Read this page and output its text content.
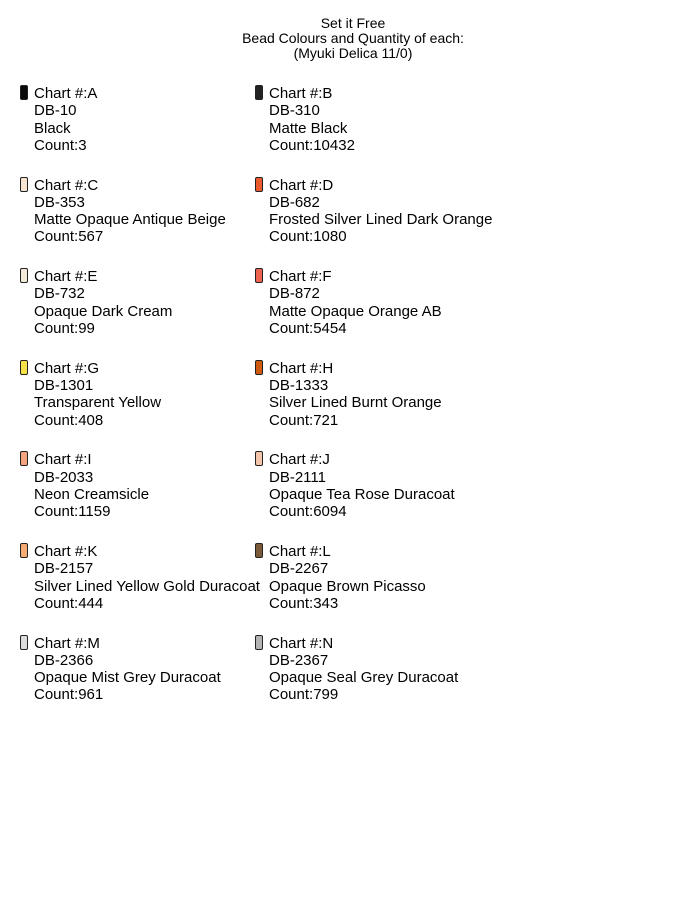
Set it Free
Bead Colours and Quantity of each:
(Myuki Delica 11/0)
Chart #:A
DB-10
Black
Count:3
Chart #:B
DB-310
Matte Black
Count:10432
Chart #:C
DB-353
Matte Opaque Antique Beige
Count:567
Chart #:D
DB-682
Frosted Silver Lined Dark Orange
Count:1080
Chart #:E
DB-732
Opaque Dark Cream
Count:99
Chart #:F
DB-872
Matte Opaque Orange AB
Count:5454
Chart #:G
DB-1301
Transparent Yellow
Count:408
Chart #:H
DB-1333
Silver Lined Burnt Orange
Count:721
Chart #:I
DB-2033
Neon Creamsicle
Count:1159
Chart #:J
DB-2111
Opaque Tea Rose Duracoat
Count:6094
Chart #:K
DB-2157
Silver Lined Yellow Gold Duracoat
Count:444
Chart #:L
DB-2267
Opaque Brown Picasso
Count:343
Chart #:M
DB-2366
Opaque Mist Grey Duracoat
Count:961
Chart #:N
DB-2367
Opaque Seal Grey Duracoat
Count:799
